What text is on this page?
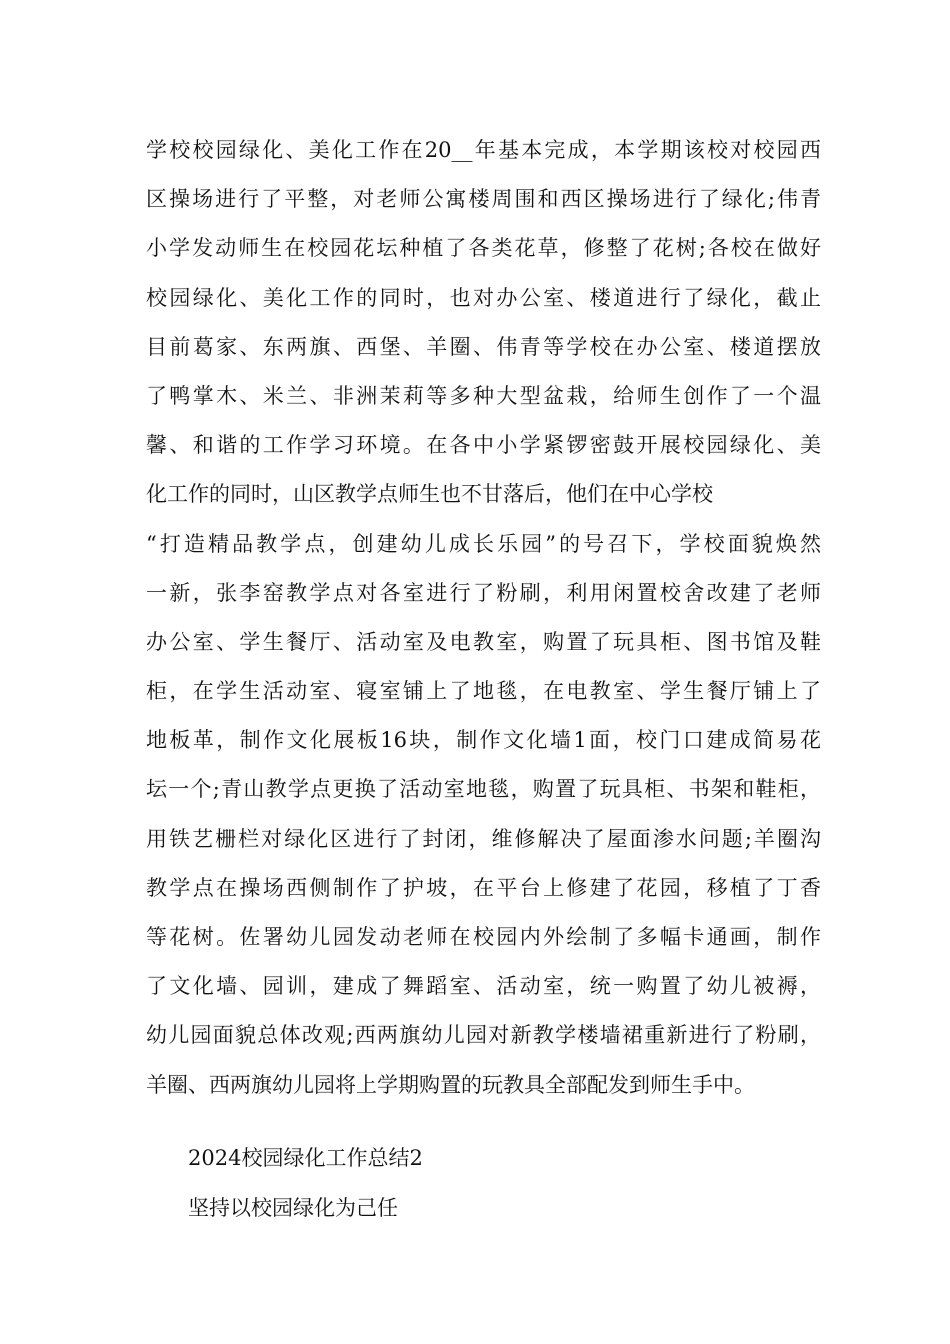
学校校园绿化、美化工作在20__年基本完成，本学期该校对校园西
区操场进行了平整，对老师公寓楼周围和西区操场进行了绿化;伟青
小学发动师生在校园花坛种植了各类花草，修整了花树;各校在做好
校园绿化、美化工作的同时，也对办公室、楼道进行了绿化，截止
目前葛家、东两旗、西堡、羊圈、伟青等学校在办公室、楼道摆放
了鸭掌木、米兰、非洲茉莉等多种大型盆栽，给师生创作了一个温
馨、和谐的工作学习环境。在各中小学紧锣密鼓开展校园绿化、美
化工作的同时，山区教学点师生也不甘落后，他们在中心学校
“打造精品教学点，创建幼儿成长乐园”的号召下，学校面貌焕然
一新，张李窑教学点对各室进行了粉刷，利用闲置校舍改建了老师
办公室、学生餐厅、活动室及电教室，购置了玩具柜、图书馆及鞋
柜，在学生活动室、寝室铺上了地毯，在电教室、学生餐厅铺上了
地板革，制作文化展板16块，制作文化墙1面，校门口建成简易花
坛一个;青山教学点更换了活动室地毯，购置了玩具柜、书架和鞋柜，
用铁艺栅栏对绿化区进行了封闭，维修解决了屋面渗水问题;羊圈沟
教学点在操场西侧制作了护坡，在平台上修建了花园，移植了丁香
等花树。佐署幼儿园发动老师在校园内外绘制了多幅卡通画，制作
了文化墙、园训，建成了舞蹈室、活动室，统一购置了幼儿被褥，
幼儿园面貌总体改观;西两旗幼儿园对新教学楼墙裙重新进行了粉刷，
羊圈、西两旗幼儿园将上学期购置的玩教具全部配发到师生手中。

2024校园绿化工作总结2

坚持以校园绿化为己任
